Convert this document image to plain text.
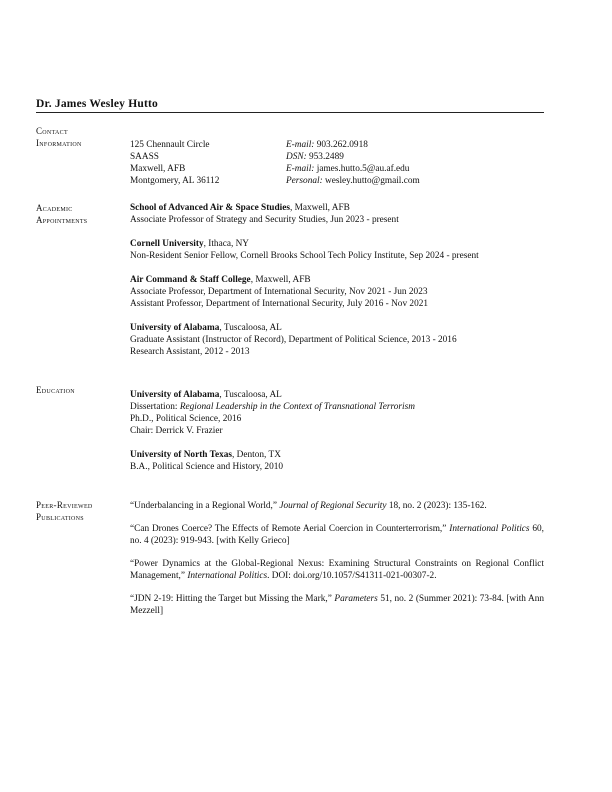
Dr. James Wesley Hutto
Contact
Information	125 Chennault Circle
SAASS
Maxwell, AFB
Montgomery, AL 36112
E-mail: 903.262.0918
DSN: 953.2489
E-mail: james.hutto.5@au.af.edu
Personal: wesley.hutto@gmail.com
Academic
Appointments
School of Advanced Air & Space Studies, Maxwell, AFB
Associate Professor of Strategy and Security Studies, Jun 2023 - present
Cornell University, Ithaca, NY
Non-Resident Senior Fellow, Cornell Brooks School Tech Policy Institute, Sep 2024 - present
Air Command & Staff College, Maxwell, AFB
Associate Professor, Department of International Security, Nov 2021 - Jun 2023
Assistant Professor, Department of International Security, July 2016 - Nov 2021
University of Alabama, Tuscaloosa, AL
Graduate Assistant (Instructor of Record), Department of Political Science, 2013 - 2016
Research Assistant, 2012 - 2013
Education	University of Alabama, Tuscaloosa, AL
Dissertation: Regional Leadership in the Context of Transnational Terrorism
Ph.D., Political Science, 2016
Chair: Derrick V. Frazier
University of North Texas, Denton, TX
B.A., Political Science and History, 2010
Peer-Reviewed
Publications
“Underbalancing in a Regional World,” Journal of Regional Security 18, no. 2 (2023): 135-162.
“Can Drones Coerce? The Effects of Remote Aerial Coercion in Counterterrorism,” International Politics 60, no. 4 (2023): 919-943. [with Kelly Grieco]
“Power Dynamics at the Global-Regional Nexus: Examining Structural Constraints on Regional Conflict Management,” International Politics. DOI: doi.org/10.1057/S41311-021-00307-2.
“JDN 2-19: Hitting the Target but Missing the Mark,” Parameters 51, no. 2 (Summer 2021): 73-84. [with Ann Mezzell]
